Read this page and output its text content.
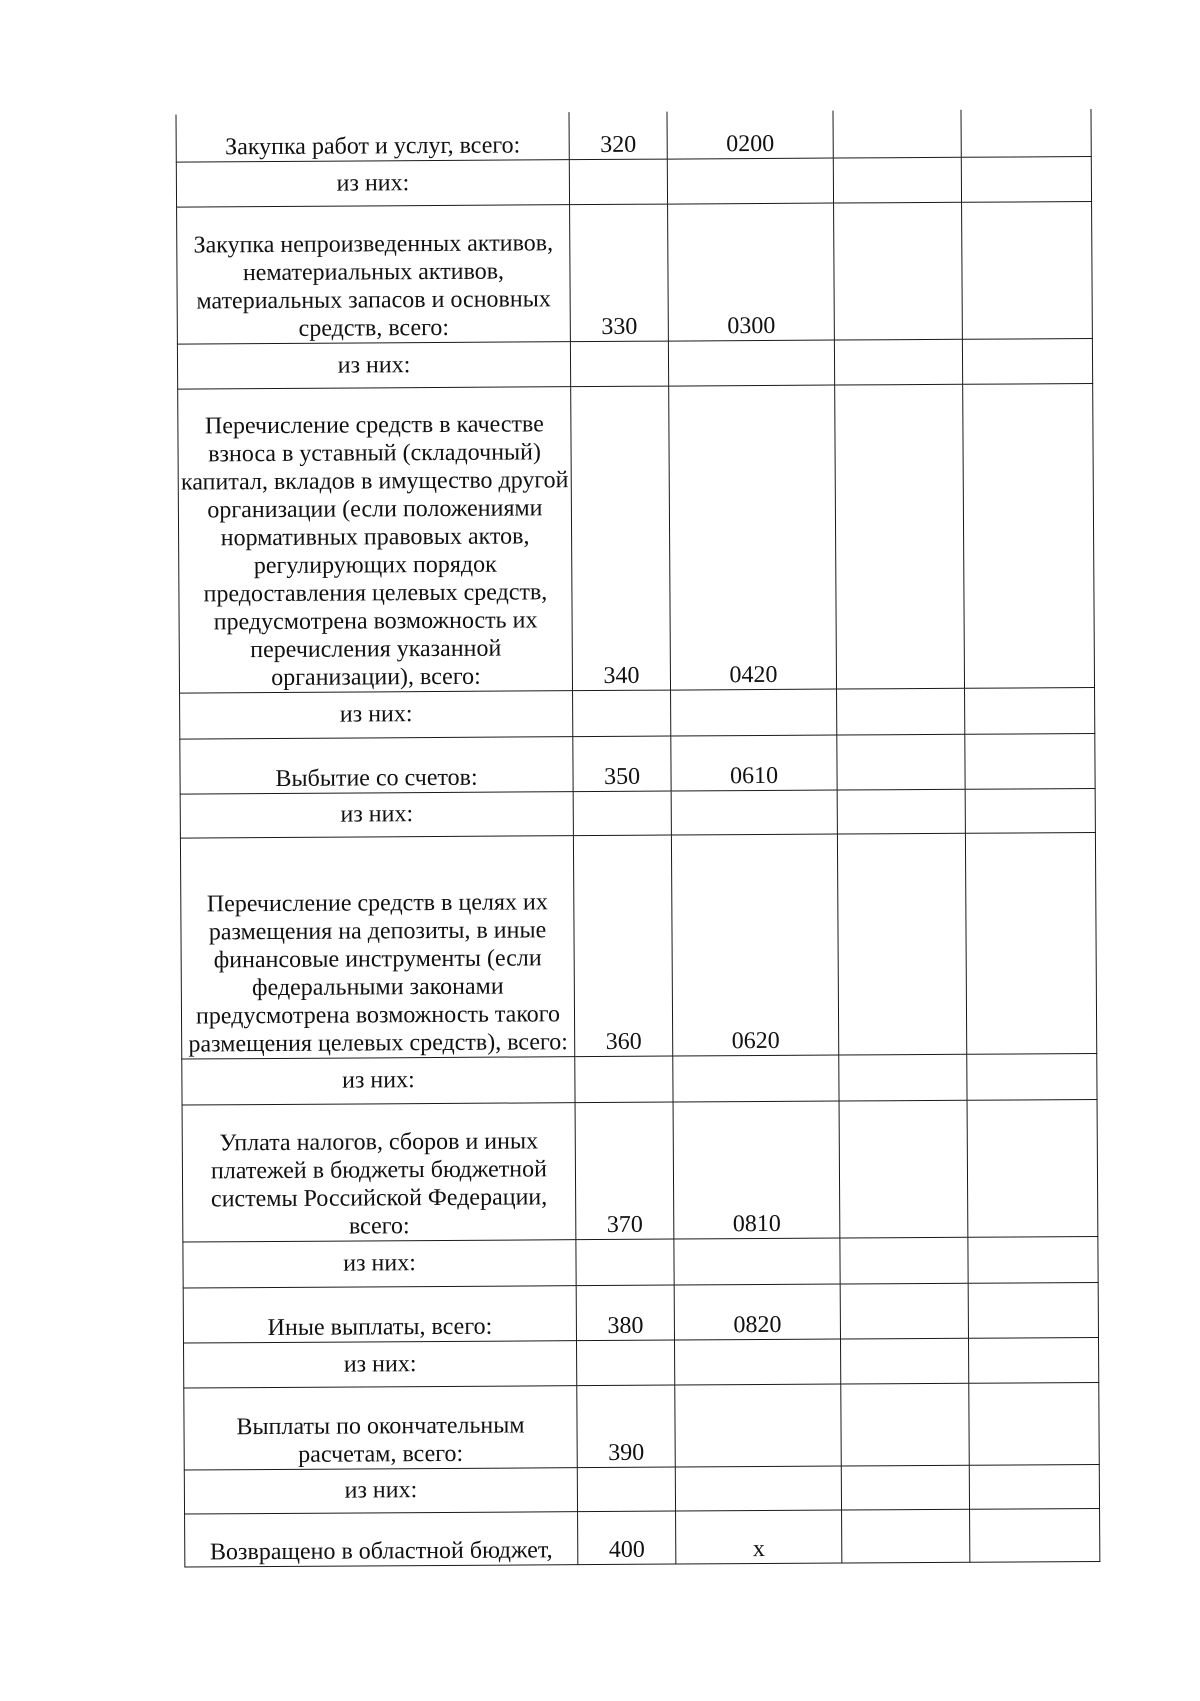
Закупка работ и услуг, всего:	320	0200		
из них:				
Закупка непроизведенных активов, нематериальных активов, материальных запасов и основных средств, всего:	330	0300		
из них:				
Перечисление средств в качестве взноса в уставный (складочный) капитал, вкладов в имущество другой организации (если положениями нормативных правовых актов, регулирующих порядок предоставления целевых средств, предусмотрена возможность их перечисления указанной организации), всего:	340	0420		
из них:				
Выбытие со счетов:	350	0610		
из них:				
Перечисление средств в целях их размещения на депозиты, в иные финансовые инструменты (если федеральными законами предусмотрена возможность такого размещения целевых средств), всего:	360	0620		
из них:				
Уплата налогов, сборов и иных платежей в бюджеты бюджетной системы Российской Федерации, всего:	370	0810		
из них:				
Иные выплаты, всего:	380	0820		
из них:				
Выплаты по окончательным расчетам, всего:	390			
из них:				
Возвращено в областной бюджет,	400	х		
